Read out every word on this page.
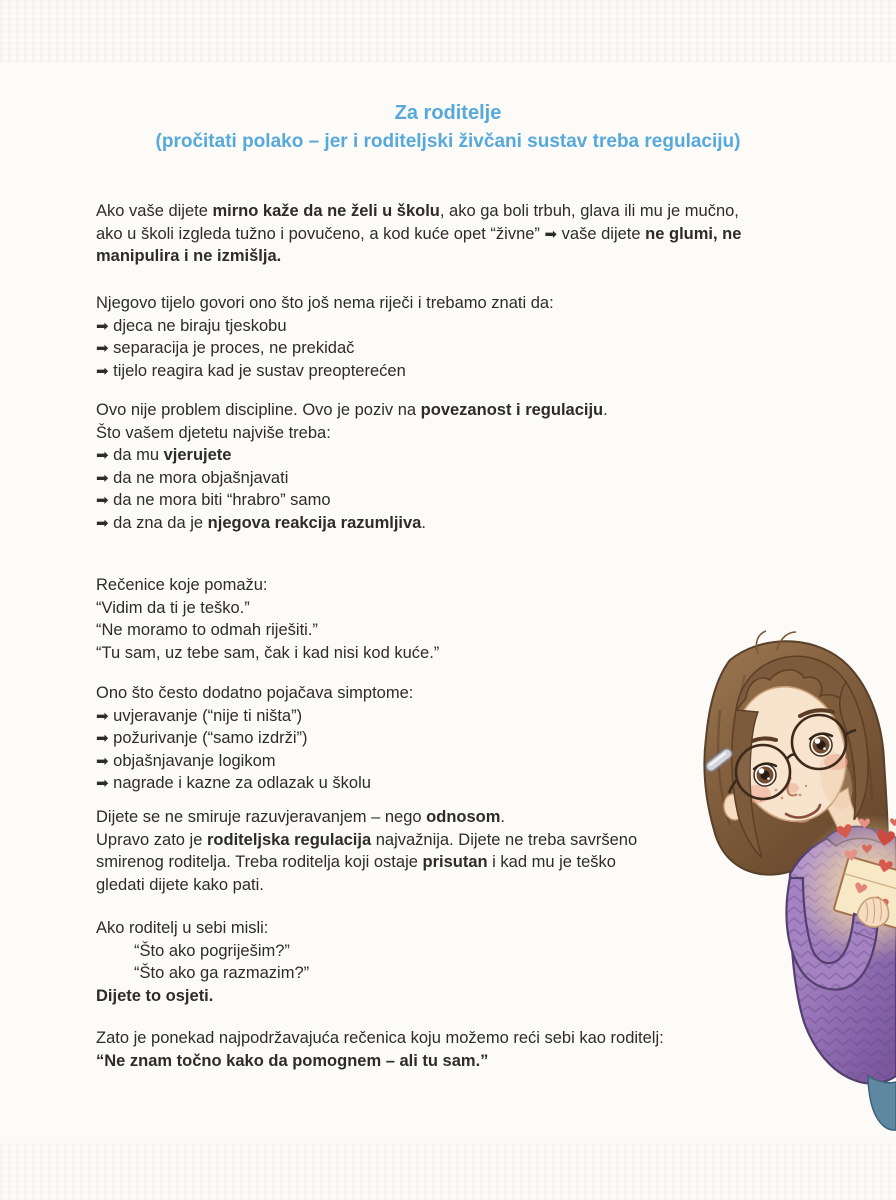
Za roditelje
(pročitati polako – jer i roditeljski živčani sustav treba regulaciju)
Ako vaše dijete mirno kaže da ne želi u školu, ako ga boli trbuh, glava ili mu je mučno,
ako u školi izgleda tužno i povučeno, a kod kuće opet “živne” ➡ vaše dijete ne glumi, ne
manipulira i ne izmišlja.
Njegovo tijelo govori ono što još nema riječi i trebamo znati da:
➡ djeca ne biraju tjeskobu
➡ separacija je proces, ne prekidač
➡ tijelo reagira kad je sustav preopterećen
Ovo nije problem discipline. Ovo je poziv na povezanost i regulaciju.
Što vašem djetetu najviše treba:
➡ da mu vjerujete
➡ da ne mora objašnjavati
➡ da ne mora biti “hrabro” samo
➡ da zna da je njegova reakcija razumljiva.
Rečenice koje pomažu:
“Vidim da ti je teško.”
“Ne moramo to odmah riješiti.”
“Tu sam, uz tebe sam, čak i kad nisi kod kuće.”
Ono što često dodatno pojačava simptome:
➡ uvjeravanje (“nije ti ništa”)
➡ požurivanje (“samo izdrži”)
➡ objašnjavanje logikom
➡ nagrade i kazne za odlazak u školu
Dijete se ne smiruje razuvjeravanjem – nego odnosom.
Upravo zato je roditeljska regulacija najvažnija. Dijete ne treba savršeno
smirenog roditelja. Treba roditelja koji ostaje prisutan i kad mu je teško
gledati dijete kako pati.
Ako roditelj u sebi misli:
“Što ako pogriješim?”
“Što ako ga razmazim?”
Dijete to osjeti.
Zato je ponekad najpodržavajuća rečenica koju možemo reći sebi kao roditelj:
“Ne znam točno kako da pomognem – ali tu sam.”
